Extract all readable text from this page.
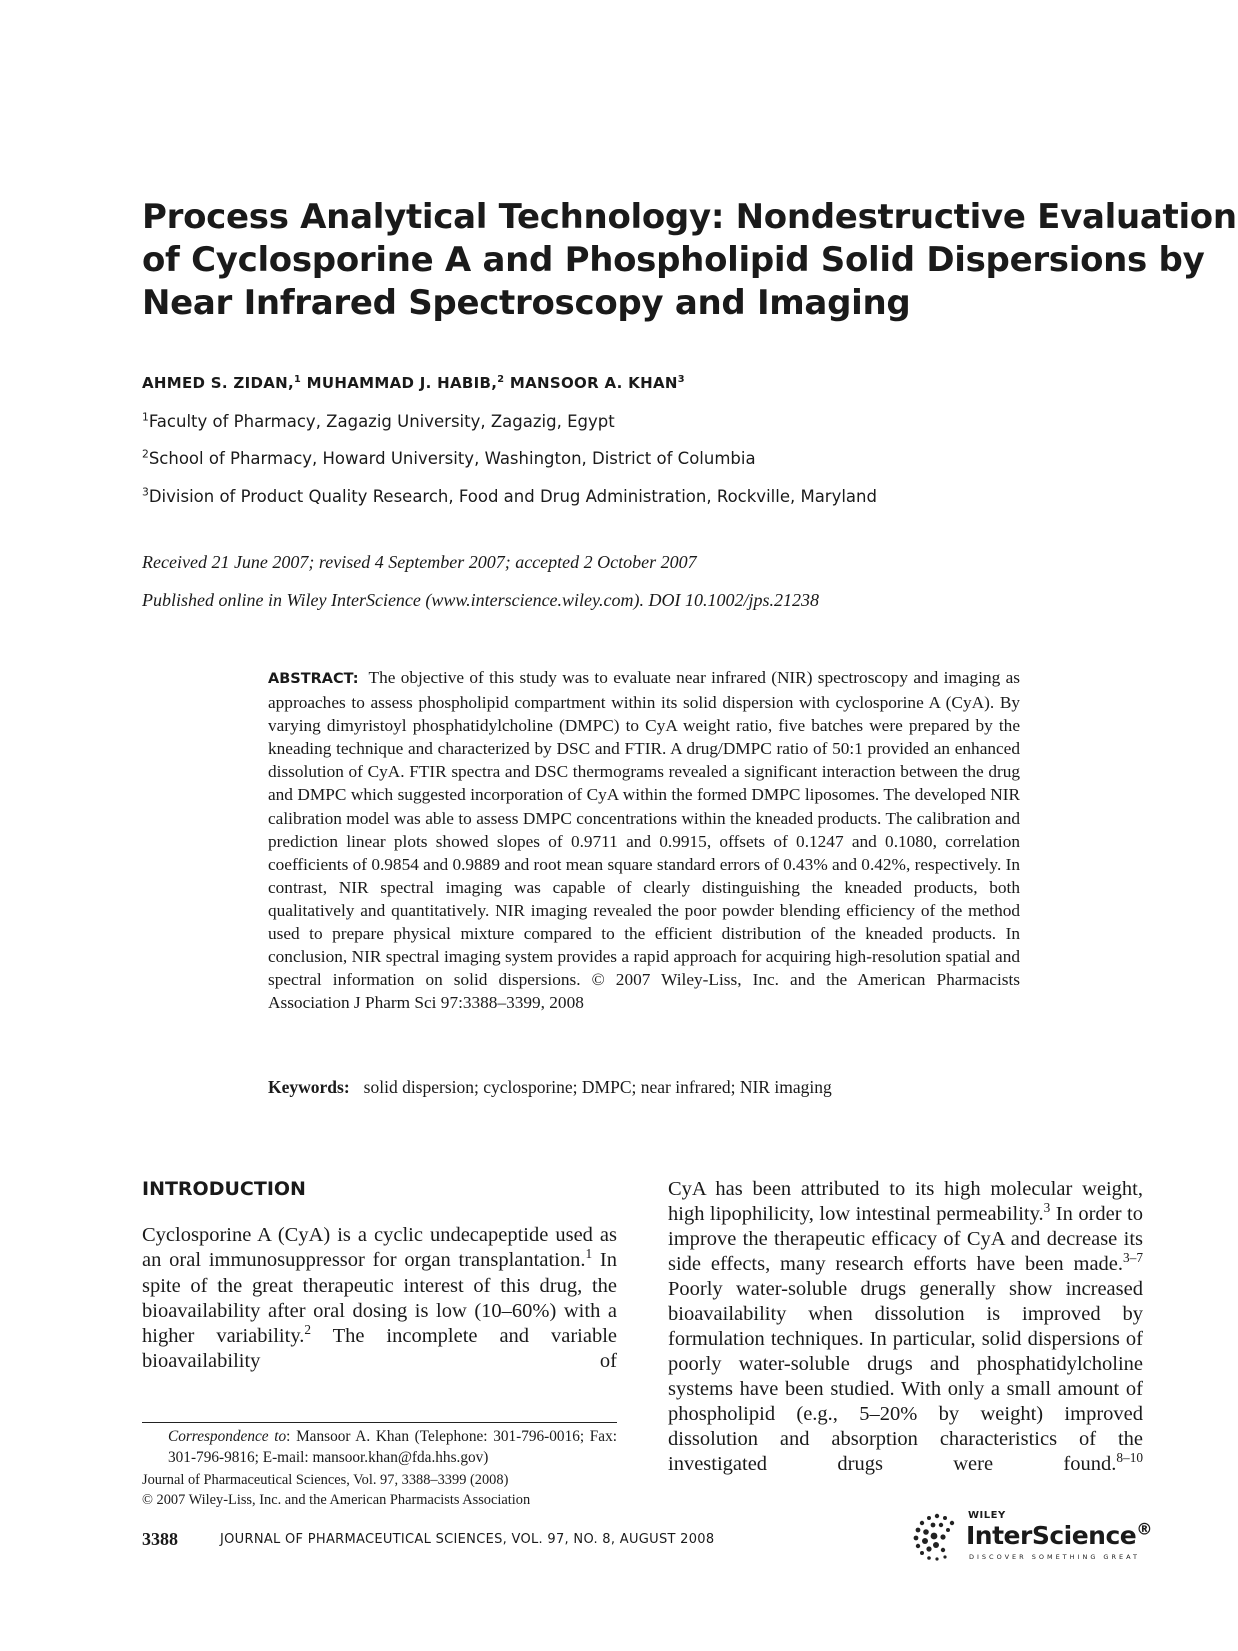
Process Analytical Technology: Nondestructive Evaluation
of Cyclosporine A and Phospholipid Solid Dispersions by
Near Infrared Spectroscopy and Imaging
AHMED S. ZIDAN,$^1$ MUHAMMAD J. HABIB,$^2$ MANSOOR A. KHAN$^3$
$^1$Faculty of Pharmacy, Zagazig University, Zagazig, Egypt
$^2$School of Pharmacy, Howard University, Washington, District of Columbia
$^3$Division of Product Quality Research, Food and Drug Administration, Rockville, Maryland
Received 21 June 2007; revised 4 September 2007; accepted 2 October 2007
Published online in Wiley InterScience (www.interscience.wiley.com). DOI 10.1002/jps.21238
ABSTRACT: The objective of this study was to evaluate near infrared (NIR) spectroscopy and imaging as approaches to assess phospholipid compartment within its solid dispersion with cyclosporine A (CyA). By varying dimyristoyl phosphatidylcholine (DMPC) to CyA weight ratio, five batches were prepared by the kneading technique and characterized by DSC and FTIR. A drug/DMPC ratio of 50:1 provided an enhanced dissolution of CyA. FTIR spectra and DSC thermograms revealed a significant interaction between the drug and DMPC which suggested incorporation of CyA within the formed DMPC liposomes. The developed NIR calibration model was able to assess DMPC concentrations within the kneaded products. The calibration and prediction linear plots showed slopes of 0.9711 and 0.9915, offsets of 0.1247 and 0.1080, correlation coefficients of 0.9854 and 0.9889 and root mean square standard errors of 0.43% and 0.42%, respectively. In contrast, NIR spectral imaging was capable of clearly distinguishing the kneaded products, both qualitatively and quantitatively. NIR imaging revealed the poor powder blending efficiency of the method used to prepare physical mixture compared to the efficient distribution of the kneaded products. In conclusion, NIR spectral imaging system provides a rapid approach for acquiring high-resolution spatial and spectral information on solid dispersions. © 2007 Wiley-Liss, Inc. and the American Pharmacists Association J Pharm Sci 97:3388–3399, 2008
Keywords: solid dispersion; cyclosporine; DMPC; near infrared; NIR imaging
INTRODUCTION
Cyclosporine A (CyA) is a cyclic undecapeptide used as an oral immunosuppressor for organ transplantation.$^1$ In spite of the great therapeutic interest of this drug, the bioavailability after oral dosing is low (10–60%) with a higher variability.$^2$ The incomplete and variable bioavailability of
CyA has been attributed to its high molecular weight, high lipophilicity, low intestinal permeability.$^3$ In order to improve the therapeutic efficacy of CyA and decrease its side effects, many research efforts have been made.$^{3-7}$ Poorly water-soluble drugs generally show increased bioavailability when dissolution is improved by formulation techniques. In particular, solid dispersions of poorly water-soluble drugs and phosphatidylcholine systems have been studied. With only a small amount of phospholipid (e.g., 5–20% by weight) improved dissolution and absorption characteristics of the investigated drugs were found.$^{8-10}$
Correspondence to: Mansoor A. Khan (Telephone: 301-796-0016; Fax: 301-796-9816; E-mail: mansoor.khan@fda.hhs.gov)
Journal of Pharmaceutical Sciences, Vol. 97, 3388–3399 (2008)
© 2007 Wiley-Liss, Inc. and the American Pharmacists Association
3388	JOURNAL OF PHARMACEUTICAL SCIENCES, VOL. 97, NO. 8, AUGUST 2008
WILEY
InterScience®
DISCOVER SOMETHING GREAT
